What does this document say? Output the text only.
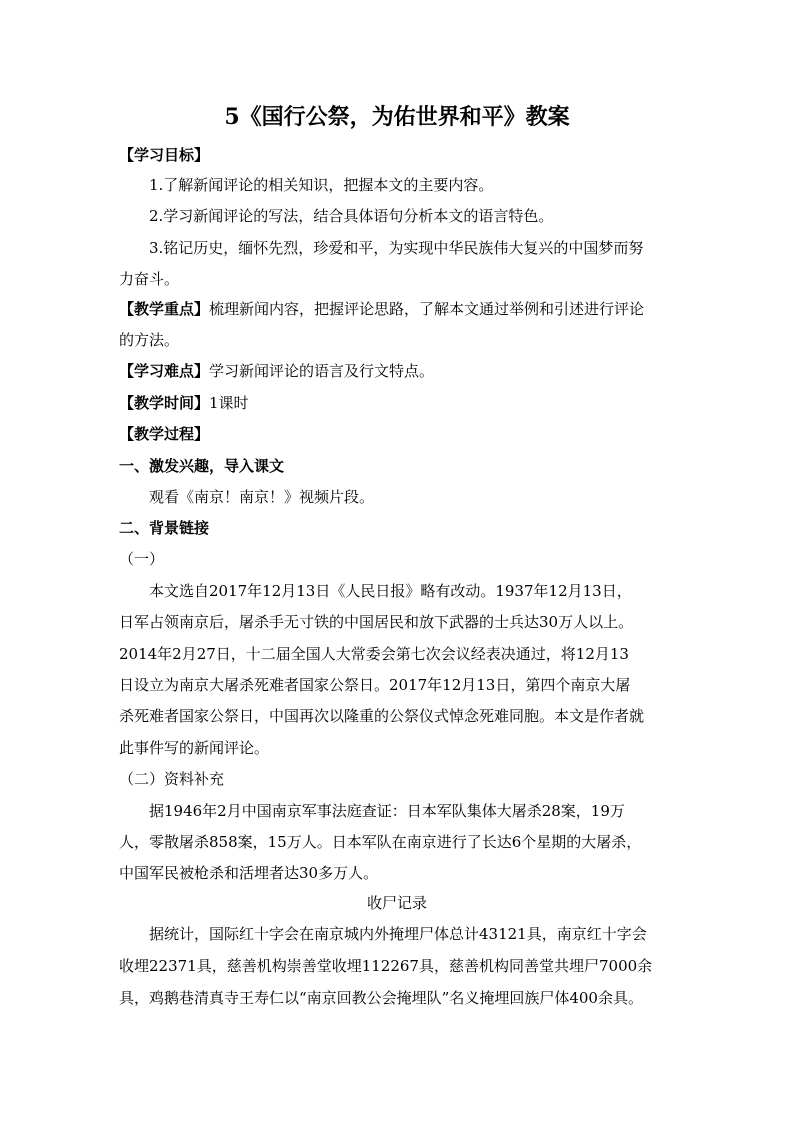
5《国行公祭，为佑世界和平》教案
【学习目标】
1.了解新闻评论的相关知识，把握本文的主要内容。
2.学习新闻评论的写法，结合具体语句分析本文的语言特色。
3.铭记历史，缅怀先烈，珍爱和平，为实现中华民族伟大复兴的中国梦而努
力奋斗。
【教学重点】梳理新闻内容，把握评论思路，了解本文通过举例和引述进行评论
的方法。
【学习难点】学习新闻评论的语言及行文特点。
【教学时间】1课时
【教学过程】
一、激发兴趣，导入课文
观看《南京！南京！》视频片段。
二、背景链接
（一）
本文选自2017年12月13日《人民日报》略有改动。1937年12月13日，
日军占领南京后，屠杀手无寸铁的中国居民和放下武器的士兵达30万人以上。
2014年2月27日，十二届全国人大常委会第七次会议经表决通过，将12月13
日设立为南京大屠杀死难者国家公祭日。2017年12月13日，第四个南京大屠
杀死难者国家公祭日，中国再次以隆重的公祭仪式悼念死难同胞。本文是作者就
此事件写的新闻评论。
（二）资料补充
据1946年2月中国南京军事法庭查证：日本军队集体大屠杀28案，19万
人，零散屠杀858案，15万人。日本军队在南京进行了长达6个星期的大屠杀，
中国军民被枪杀和活埋者达30多万人。
收尸记录
据统计，国际红十字会在南京城内外掩埋尸体总计43121具，南京红十字会
收埋22371具，慈善机构崇善堂收埋112267具，慈善机构同善堂共埋尸7000余
具，鸡鹅巷清真寺王寿仁以“南京回教公会掩埋队”名义掩埋回族尸体400余具。
